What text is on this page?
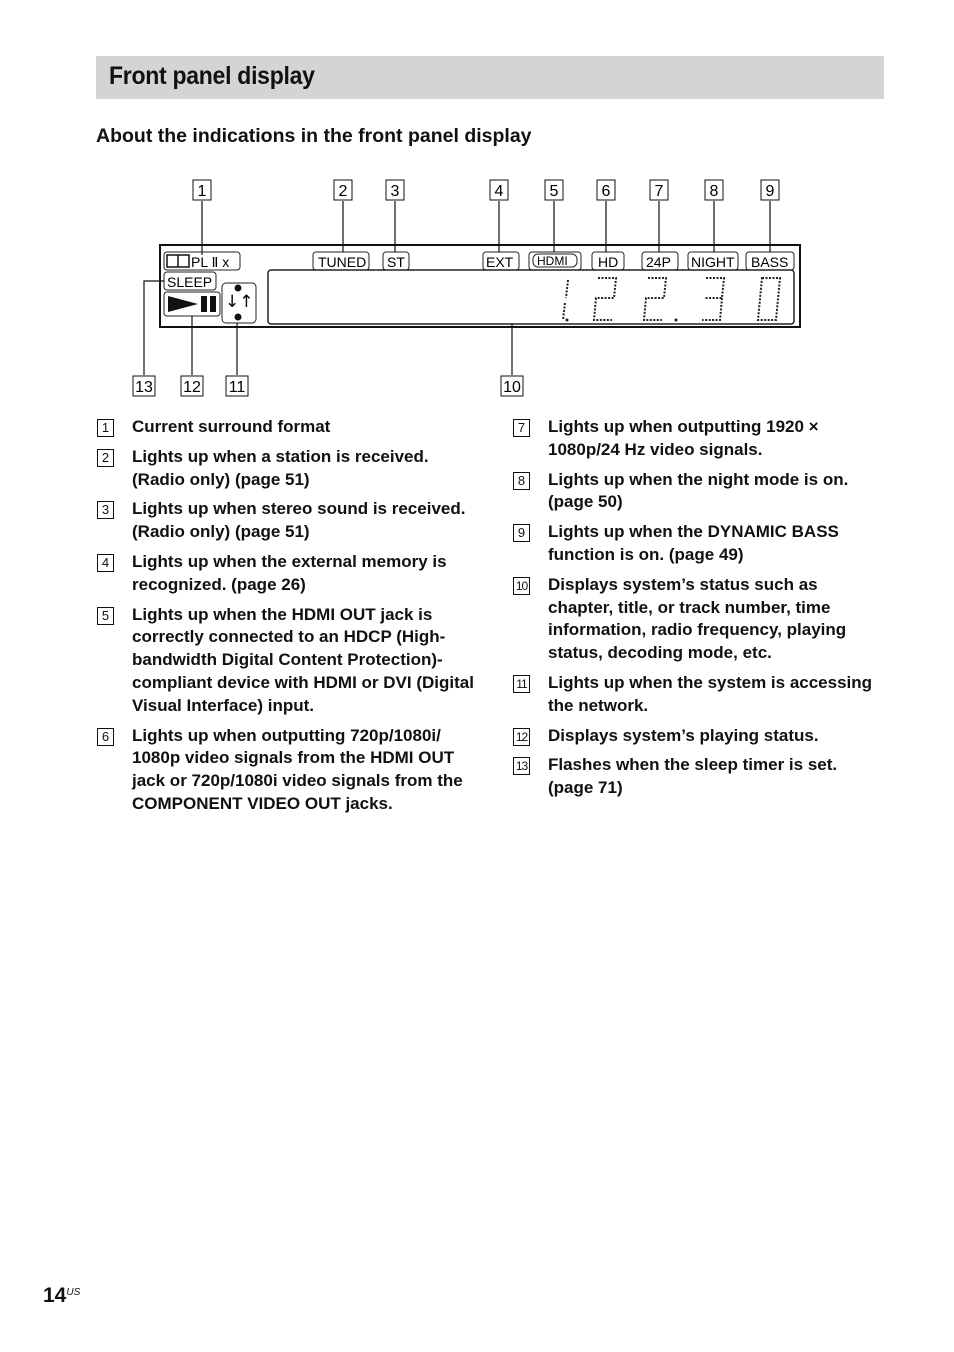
Front panel display
About the indications in the front panel display
PL Ⅱ x	TUNED ST	EXT HDMI HD 24P NIGHT BASS
SLEEP
↓↑
1	2	3	4	5	6	7	8	9
10
11
12
13
1 Current surround format
2 Lights up when a station is received. (Radio only) (page 51)
3 Lights up when stereo sound is received. (Radio only) (page 51)
4 Lights up when the external memory is recognized. (page 26)
5 Lights up when the HDMI OUT jack is correctly connected to an HDCP (High-bandwidth Digital Content Protection)-compliant device with HDMI or DVI (Digital Visual Interface) input.
6 Lights up when outputting 720p/1080i/ 1080p video signals from the HDMI OUT jack or 720p/1080i video signals from the COMPONENT VIDEO OUT jacks.
7 Lights up when outputting 1920 × 1080p/24 Hz video signals.
8 Lights up when the night mode is on. (page 50)
9 Lights up when the DYNAMIC BASS function is on. (page 49)
10 Displays system’s status such as chapter, title, or track number, time information, radio frequency, playing status, decoding mode, etc.
11 Lights up when the system is accessing the network.
12 Displays system’s playing status.
13 Flashes when the sleep timer is set. (page 71)
$14^{US}$
